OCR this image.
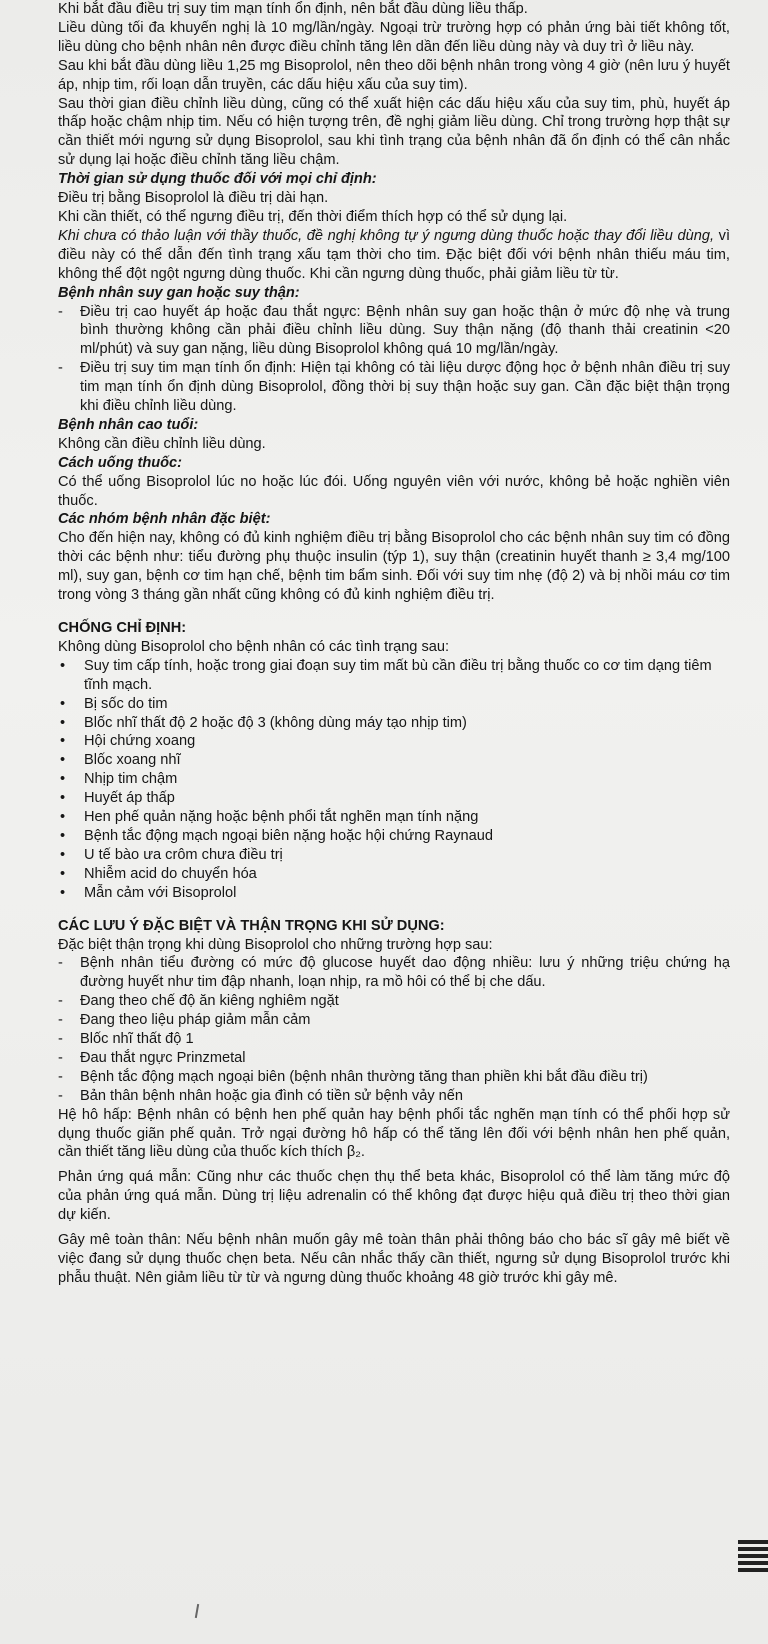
Khi bắt đầu điều trị suy tim mạn tính ổn định, nên bắt đầu dùng liều thấp.

Liều dùng tối đa khuyến nghị là 10 mg/lần/ngày. Ngoại trừ trường hợp có phản ứng bài tiết không tốt, liều dùng cho bệnh nhân nên được điều chỉnh tăng lên dần đến liều dùng này và duy trì ở liều này.

Sau khi bắt đầu dùng liều 1,25 mg Bisoprolol, nên theo dõi bệnh nhân trong vòng 4 giờ (nên lưu ý huyết áp, nhịp tim, rối loạn dẫn truyền, các dấu hiệu xấu của suy tim).

Sau thời gian điều chỉnh liều dùng, cũng có thể xuất hiện các dấu hiệu xấu của suy tim, phù, huyết áp thấp hoặc chậm nhịp tim. Nếu có hiện tượng trên, đề nghị giảm liều dùng. Chỉ trong trường hợp thật sự cần thiết mới ngưng sử dụng Bisoprolol, sau khi tình trạng của bệnh nhân đã ổn định có thể cân nhắc sử dụng lại hoặc điều chỉnh tăng liều chậm.

Thời gian sử dụng thuốc đối với mọi chỉ định:

Điều trị bằng Bisoprolol là điều trị dài hạn.

Khi cần thiết, có thể ngưng điều trị, đến thời điểm thích hợp có thể sử dụng lại.

Khi chưa có thảo luận với thầy thuốc, đề nghị không tự ý ngưng dùng thuốc hoặc thay đổi liều dùng, vì điều này có thể dẫn đến tình trạng xấu tạm thời cho tim. Đặc biệt đối với bệnh nhân thiếu máu tim, không thể đột ngột ngưng dùng thuốc. Khi cần ngưng dùng thuốc, phải giảm liều từ từ.

Bệnh nhân suy gan hoặc suy thận:

-	Điều trị cao huyết áp hoặc đau thắt ngực: Bệnh nhân suy gan hoặc thận ở mức độ nhẹ và trung bình thường không cần phải điều chỉnh liều dùng. Suy thận nặng (độ thanh thải creatinin <20 ml/phút) và suy gan nặng, liều dùng Bisoprolol không quá 10 mg/lần/ngày.
-	Điều trị suy tim mạn tính ổn định: Hiện tại không có tài liệu dược động học ở bệnh nhân điều trị suy tim mạn tính ổn định dùng Bisoprolol, đồng thời bị suy thận hoặc suy gan. Cần đặc biệt thận trọng khi điều chỉnh liều dùng.

Bệnh nhân cao tuổi:

Không cần điều chỉnh liều dùng.

Cách uống thuốc:

Có thể uống Bisoprolol lúc no hoặc lúc đói. Uống nguyên viên với nước, không bẻ hoặc nghiền viên thuốc.

Các nhóm bệnh nhân đặc biệt:

Cho đến hiện nay, không có đủ kinh nghiệm điều trị bằng Bisoprolol cho các bệnh nhân suy tim có đồng thời các bệnh như: tiểu đường phụ thuộc insulin (týp 1), suy thận (creatinin huyết thanh ≥ 3,4 mg/100 ml), suy gan, bệnh cơ tim hạn chế, bệnh tim bẩm sinh. Đối với suy tim nhẹ (độ 2) và bị nhồi máu cơ tim trong vòng 3 tháng gần nhất cũng không có đủ kinh nghiệm điều trị.

CHỐNG CHỈ ĐỊNH:

Không dùng Bisoprolol cho bệnh nhân có các tình trạng sau:

•	Suy tim cấp tính, hoặc trong giai đoạn suy tim mất bù cần điều trị bằng thuốc co cơ tim dạng tiêm tĩnh mạch.
•	Bị sốc do tim
•	Blốc nhĩ thất độ 2 hoặc độ 3 (không dùng máy tạo nhịp tim)
•	Hội chứng xoang
•	Blốc xoang nhĩ
•	Nhịp tim chậm
•	Huyết áp thấp
•	Hen phế quản nặng hoặc bệnh phổi tắt nghẽn mạn tính nặng
•	Bệnh tắc động mạch ngoại biên nặng hoặc hội chứng Raynaud
•	U tế bào ưa crôm chưa điều trị
•	Nhiễm acid do chuyển hóa
•	Mẫn cảm với Bisoprolol

CÁC LƯU Ý ĐẶC BIỆT VÀ THẬN TRỌNG KHI SỬ DỤNG:

Đặc biệt thận trọng khi dùng Bisoprolol cho những trường hợp sau:

-	Bệnh nhân tiểu đường có mức độ glucose huyết dao động nhiều: lưu ý những triệu chứng hạ đường huyết như tim đập nhanh, loạn nhịp, ra mồ hôi có thể bị che dấu.
-	Đang theo chế độ ăn kiêng nghiêm ngặt
-	Đang theo liệu pháp giảm mẫn cảm
-	Blốc nhĩ thất độ 1
-	Đau thắt ngực Prinzmetal
-	Bệnh tắc động mạch ngoại biên (bệnh nhân thường tăng than phiền khi bắt đầu điều trị)
-	Bản thân bệnh nhân hoặc gia đình có tiền sử bệnh vảy nến

Hệ hô hấp: Bệnh nhân có bệnh hen phế quản hay bệnh phổi tắc nghẽn mạn tính có thể phối hợp sử dụng thuốc giãn phế quản. Trở ngại đường hô hấp có thể tăng lên đối với bệnh nhân hen phế quản, cần thiết tăng liều dùng của thuốc kích thích β₂.

Phản ứng quá mẫn: Cũng như các thuốc chẹn thụ thể beta khác, Bisoprolol có thể làm tăng mức độ của phản ứng quá mẫn. Dùng trị liệu adrenalin có thể không đạt được hiệu quả điều trị theo thời gian dự kiến.

Gây mê toàn thân: Nếu bệnh nhân muốn gây mê toàn thân phải thông báo cho bác sĩ gây mê biết về việc đang sử dụng thuốc chẹn beta. Nếu cân nhắc thấy cần thiết, ngưng sử dụng Bisoprolol trước khi phẫu thuật. Nên giảm liều từ từ và ngưng dùng thuốc khoảng 48 giờ trước khi gây mê.
